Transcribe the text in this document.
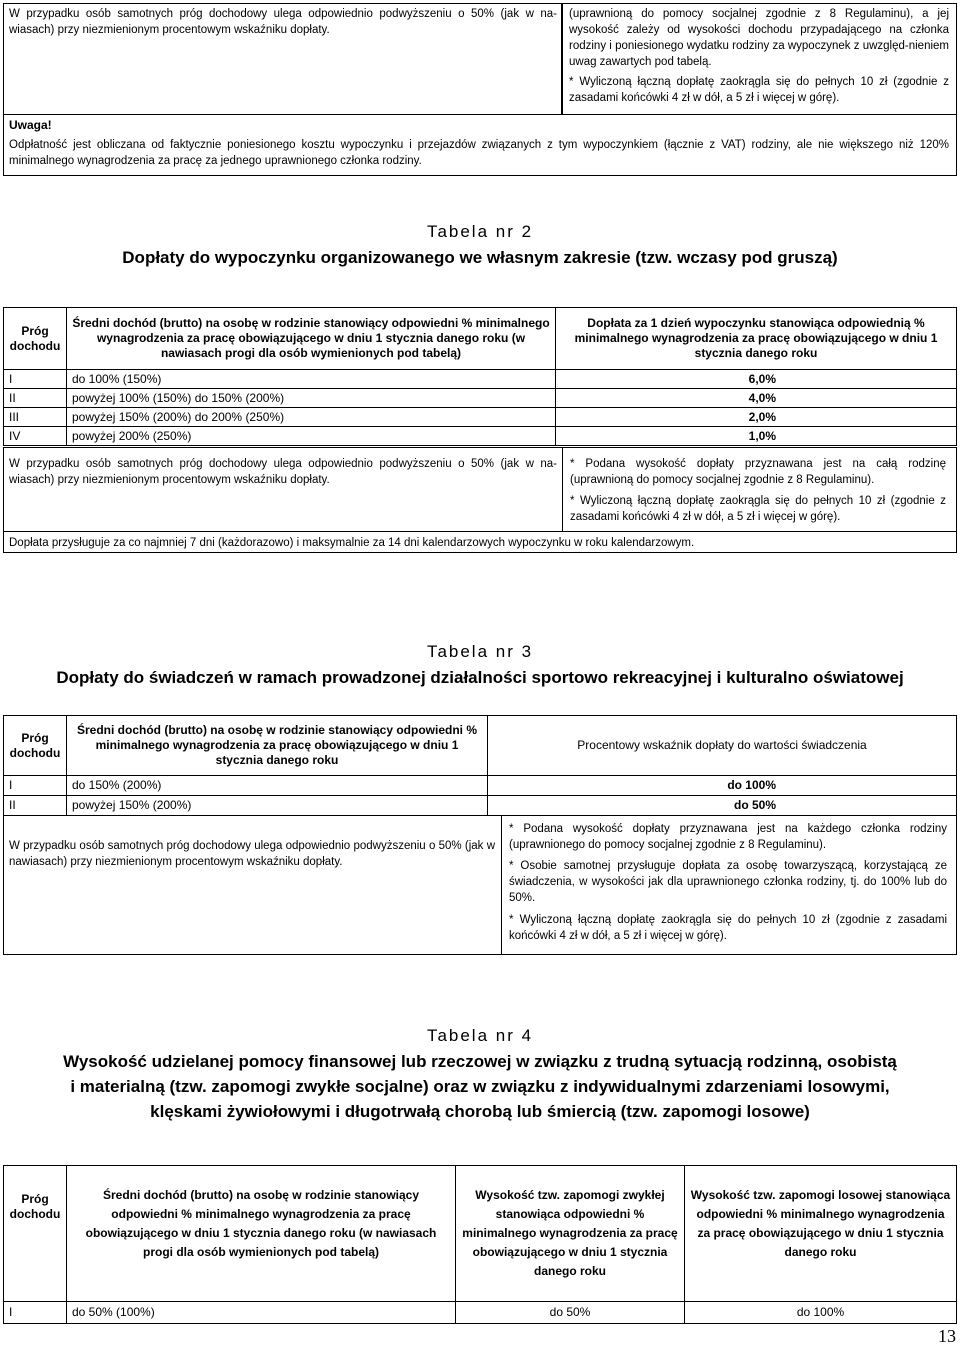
W przypadku osób samotnych próg dochodowy ulega odpowiednio podwyższeniu o 50% (jak w na-wiasach) przy niezmienionym procentowym wskaźniku dopłaty.
(uprawnioną do pomocy socjalnej zgodnie z 8 Regulaminu), a jej wysokość zależy od wysokości dochodu przypadającego na członka rodziny i poniesionego wydatku rodziny za wypoczynek z uwzględ-nieniem uwag zawartych pod tabelą.
* Wyliczoną łączną dopłatę zaokrągla się do pełnych 10 zł (zgodnie z zasadami końcówki 4 zł w dół, a 5 zł i więcej w górę).
Uwaga!
Odpłatność jest obliczana od faktycznie poniesionego kosztu wypoczynku i przejazdów związanych z tym wypoczynkiem (łącznie z VAT) rodziny, ale nie większego niż 120% minimalnego wynagrodzenia za pracę za jednego uprawnionego członka rodziny.
Tabela nr 2
Dopłaty do wypoczynku organizowanego we własnym zakresie (tzw. wczasy pod gruszą)
Próg dochodu	Średni dochód (brutto) na osobę w rodzinie stanowiący odpowiedni % minimalnego wynagrodzenia za pracę obowiązującego w dniu 1 stycznia danego roku (w nawiasach progi dla osób wymienionych pod tabelą)	Dopłata za 1 dzień wypoczynku stanowiąca odpowiednią % minimalnego wynagrodzenia za pracę obowiązującego w dniu 1 stycznia danego roku
I	do 100% (150%)	6,0%
II	powyżej 100% (150%) do 150% (200%)	4,0%
III	powyżej 150% (200%) do 200% (250%)	2,0%
IV	powyżej 200% (250%)	1,0%
W przypadku osób samotnych próg dochodowy ulega odpowiednio podwyższeniu o 50% (jak w na-wiasach) przy niezmienionym procentowym wskaźniku dopłaty.
* Podana wysokość dopłaty przyznawana jest na całą rodzinę (uprawnioną do pomocy socjalnej zgodnie z 8 Regulaminu).
* Wyliczoną łączną dopłatę zaokrągla się do pełnych 10 zł (zgodnie z zasadami końcówki 4 zł w dół, a 5 zł i więcej w górę).
Dopłata przysługuje za co najmniej 7 dni (każdorazowo) i maksymalnie za 14 dni kalendarzowych wypoczynku w roku kalendarzowym.
Tabela nr 3
Dopłaty do świadczeń w ramach prowadzonej działalności sportowo rekreacyjnej i kulturalno oświatowej
Próg dochodu	Średni dochód (brutto) na osobę w rodzinie stanowiący odpowiedni % minimalnego wynagrodzenia za pracę obowiązującego w dniu 1 stycznia danego roku	Procentowy wskaźnik dopłaty do wartości świadczenia
I	do 150% (200%)	do 100%
II	powyżej 150% (200%)	do 50%
W przypadku osób samotnych próg dochodowy ulega odpowiednio podwyższeniu o 50% (jak w nawiasach) przy niezmienionym procentowym wskaźniku dopłaty.
* Podana wysokość dopłaty przyznawana jest na każdego członka rodziny (uprawnionego do pomocy socjalnej zgodnie z 8 Regulaminu).
* Osobie samotnej przysługuje dopłata za osobę towarzyszącą, korzystającą ze świadczenia, w wysokości jak dla uprawnionego członka rodziny, tj. do 100% lub do 50%.
* Wyliczoną łączną dopłatę zaokrągla się do pełnych 10 zł (zgodnie z zasadami końcówki 4 zł w dół, a 5 zł i więcej w górę).
Tabela nr 4
Wysokość udzielanej pomocy finansowej lub rzeczowej w związku z trudną sytuacją rodzinną, osobistą
i materialną (tzw. zapomogi zwykłe socjalne) oraz w związku z indywidualnymi zdarzeniami losowymi,
klęskami żywiołowymi i długotrwałą chorobą lub śmiercią (tzw. zapomogi losowe)
Próg dochodu	Średni dochód (brutto) na osobę w rodzinie stanowiący odpowiedni % minimalnego wynagrodzenia za pracę obowiązującego w dniu 1 stycznia danego roku (w nawiasach progi dla osób wymienionych pod tabelą)	Wysokość tzw. zapomogi zwykłej stanowiąca odpowiedni % minimalnego wynagrodzenia za pracę obowiązującego w dniu 1 stycznia danego roku	Wysokość tzw. zapomogi losowej stanowiąca odpowiedni % minimalnego wynagrodzenia za pracę obowiązującego w dniu 1 stycznia danego roku
I	do 50% (100%)	do 50%	do 100%
13
